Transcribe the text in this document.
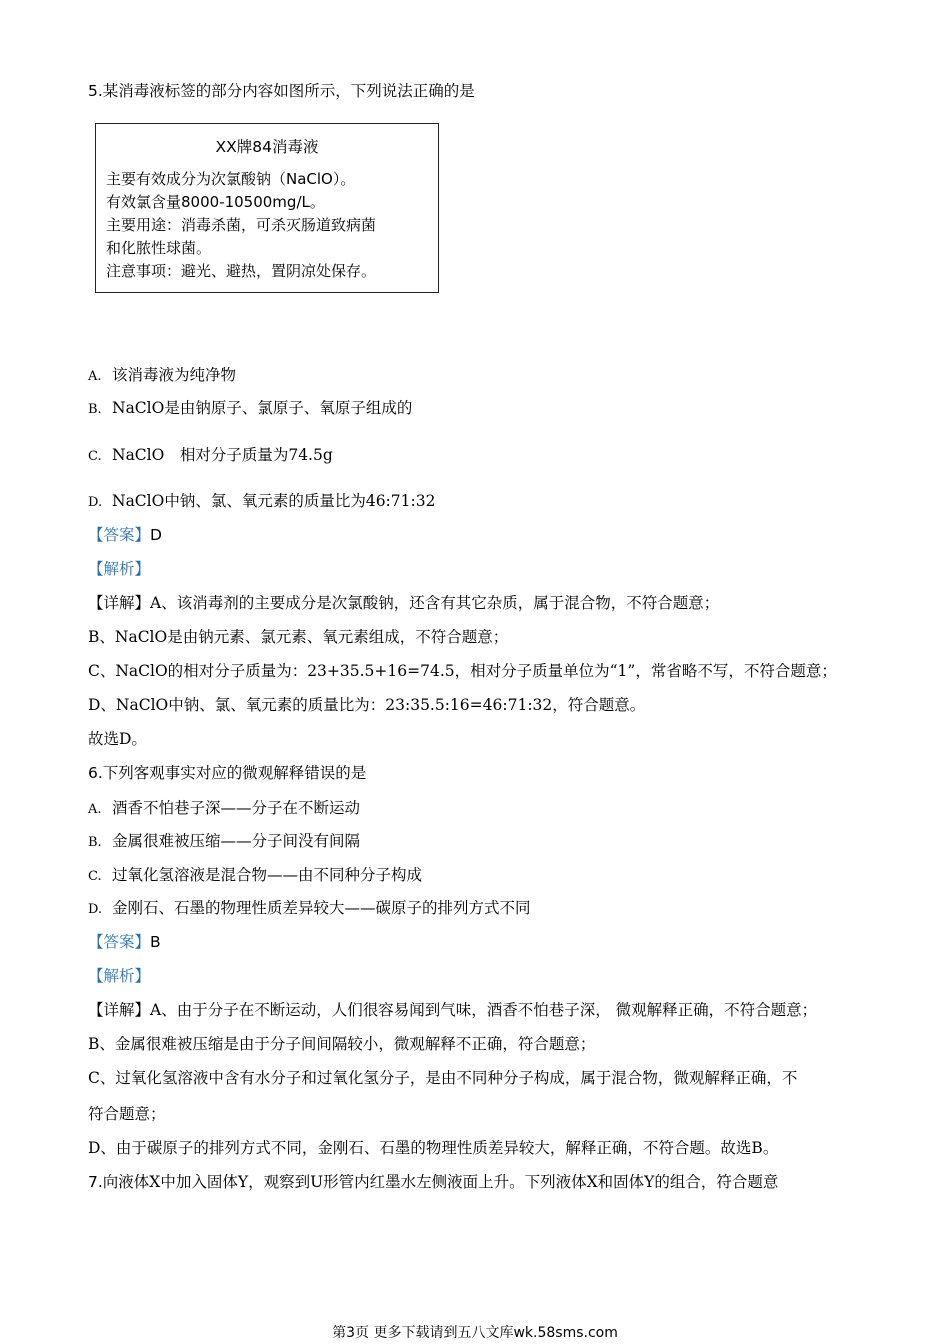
5.某消毒液标签的部分内容如图所示，下列说法正确的是
XX牌84消毒液
主要有效成分为次氯酸钠（NaClO）。
有效氯含量8000-10500mg/L。
主要用途：消毒杀菌，可杀灭肠道致病菌
和化脓性球菌。
注意事项：避光、避热，置阴凉处保存。
A. 该消毒液为纯净物
B. NaClO是由钠原子、氯原子、氧原子组成的
C. NaClO　相对分子质量为74.5g
D. NaClO中钠、氯、氧元素的质量比为46:71:32
【答案】D
【解析】
【详解】A、该消毒剂的主要成分是次氯酸钠，还含有其它杂质，属于混合物，不符合题意；
B、NaClO是由钠元素、氯元素、氧元素组成，不符合题意；
C、NaClO的相对分子质量为：23+35.5+16=74.5，相对分子质量单位为“1”，常省略不写，不符合题意；
D、NaClO中钠、氯、氧元素的质量比为：23:35.5:16=46:71:32，符合题意。
故选D。
6.下列客观事实对应的微观解释错误的是
A. 酒香不怕巷子深——分子在不断运动
B. 金属很难被压缩——分子间没有间隔
C. 过氧化氢溶液是混合物——由不同种分子构成
D. 金刚石、石墨的物理性质差异较大——碳原子的排列方式不同
【答案】B
【解析】
【详解】A、由于分子在不断运动，人们很容易闻到气味，酒香不怕巷子深， 微观解释正确，不符合题意；
B、金属很难被压缩是由于分子间间隔较小，微观解释不正确，符合题意；
C、过氧化氢溶液中含有水分子和过氧化氢分子，是由不同种分子构成，属于混合物，微观解释正确，不
符合题意；
D、由于碳原子的排列方式不同，金刚石、石墨的物理性质差异较大，解释正确，不符合题。故选B。
7.向液体X中加入固体Y，观察到U形管内红墨水左侧液面上升。下列液体X和固体Y的组合，符合题意
第3页 更多下载请到五八文库wk.58sms.com
